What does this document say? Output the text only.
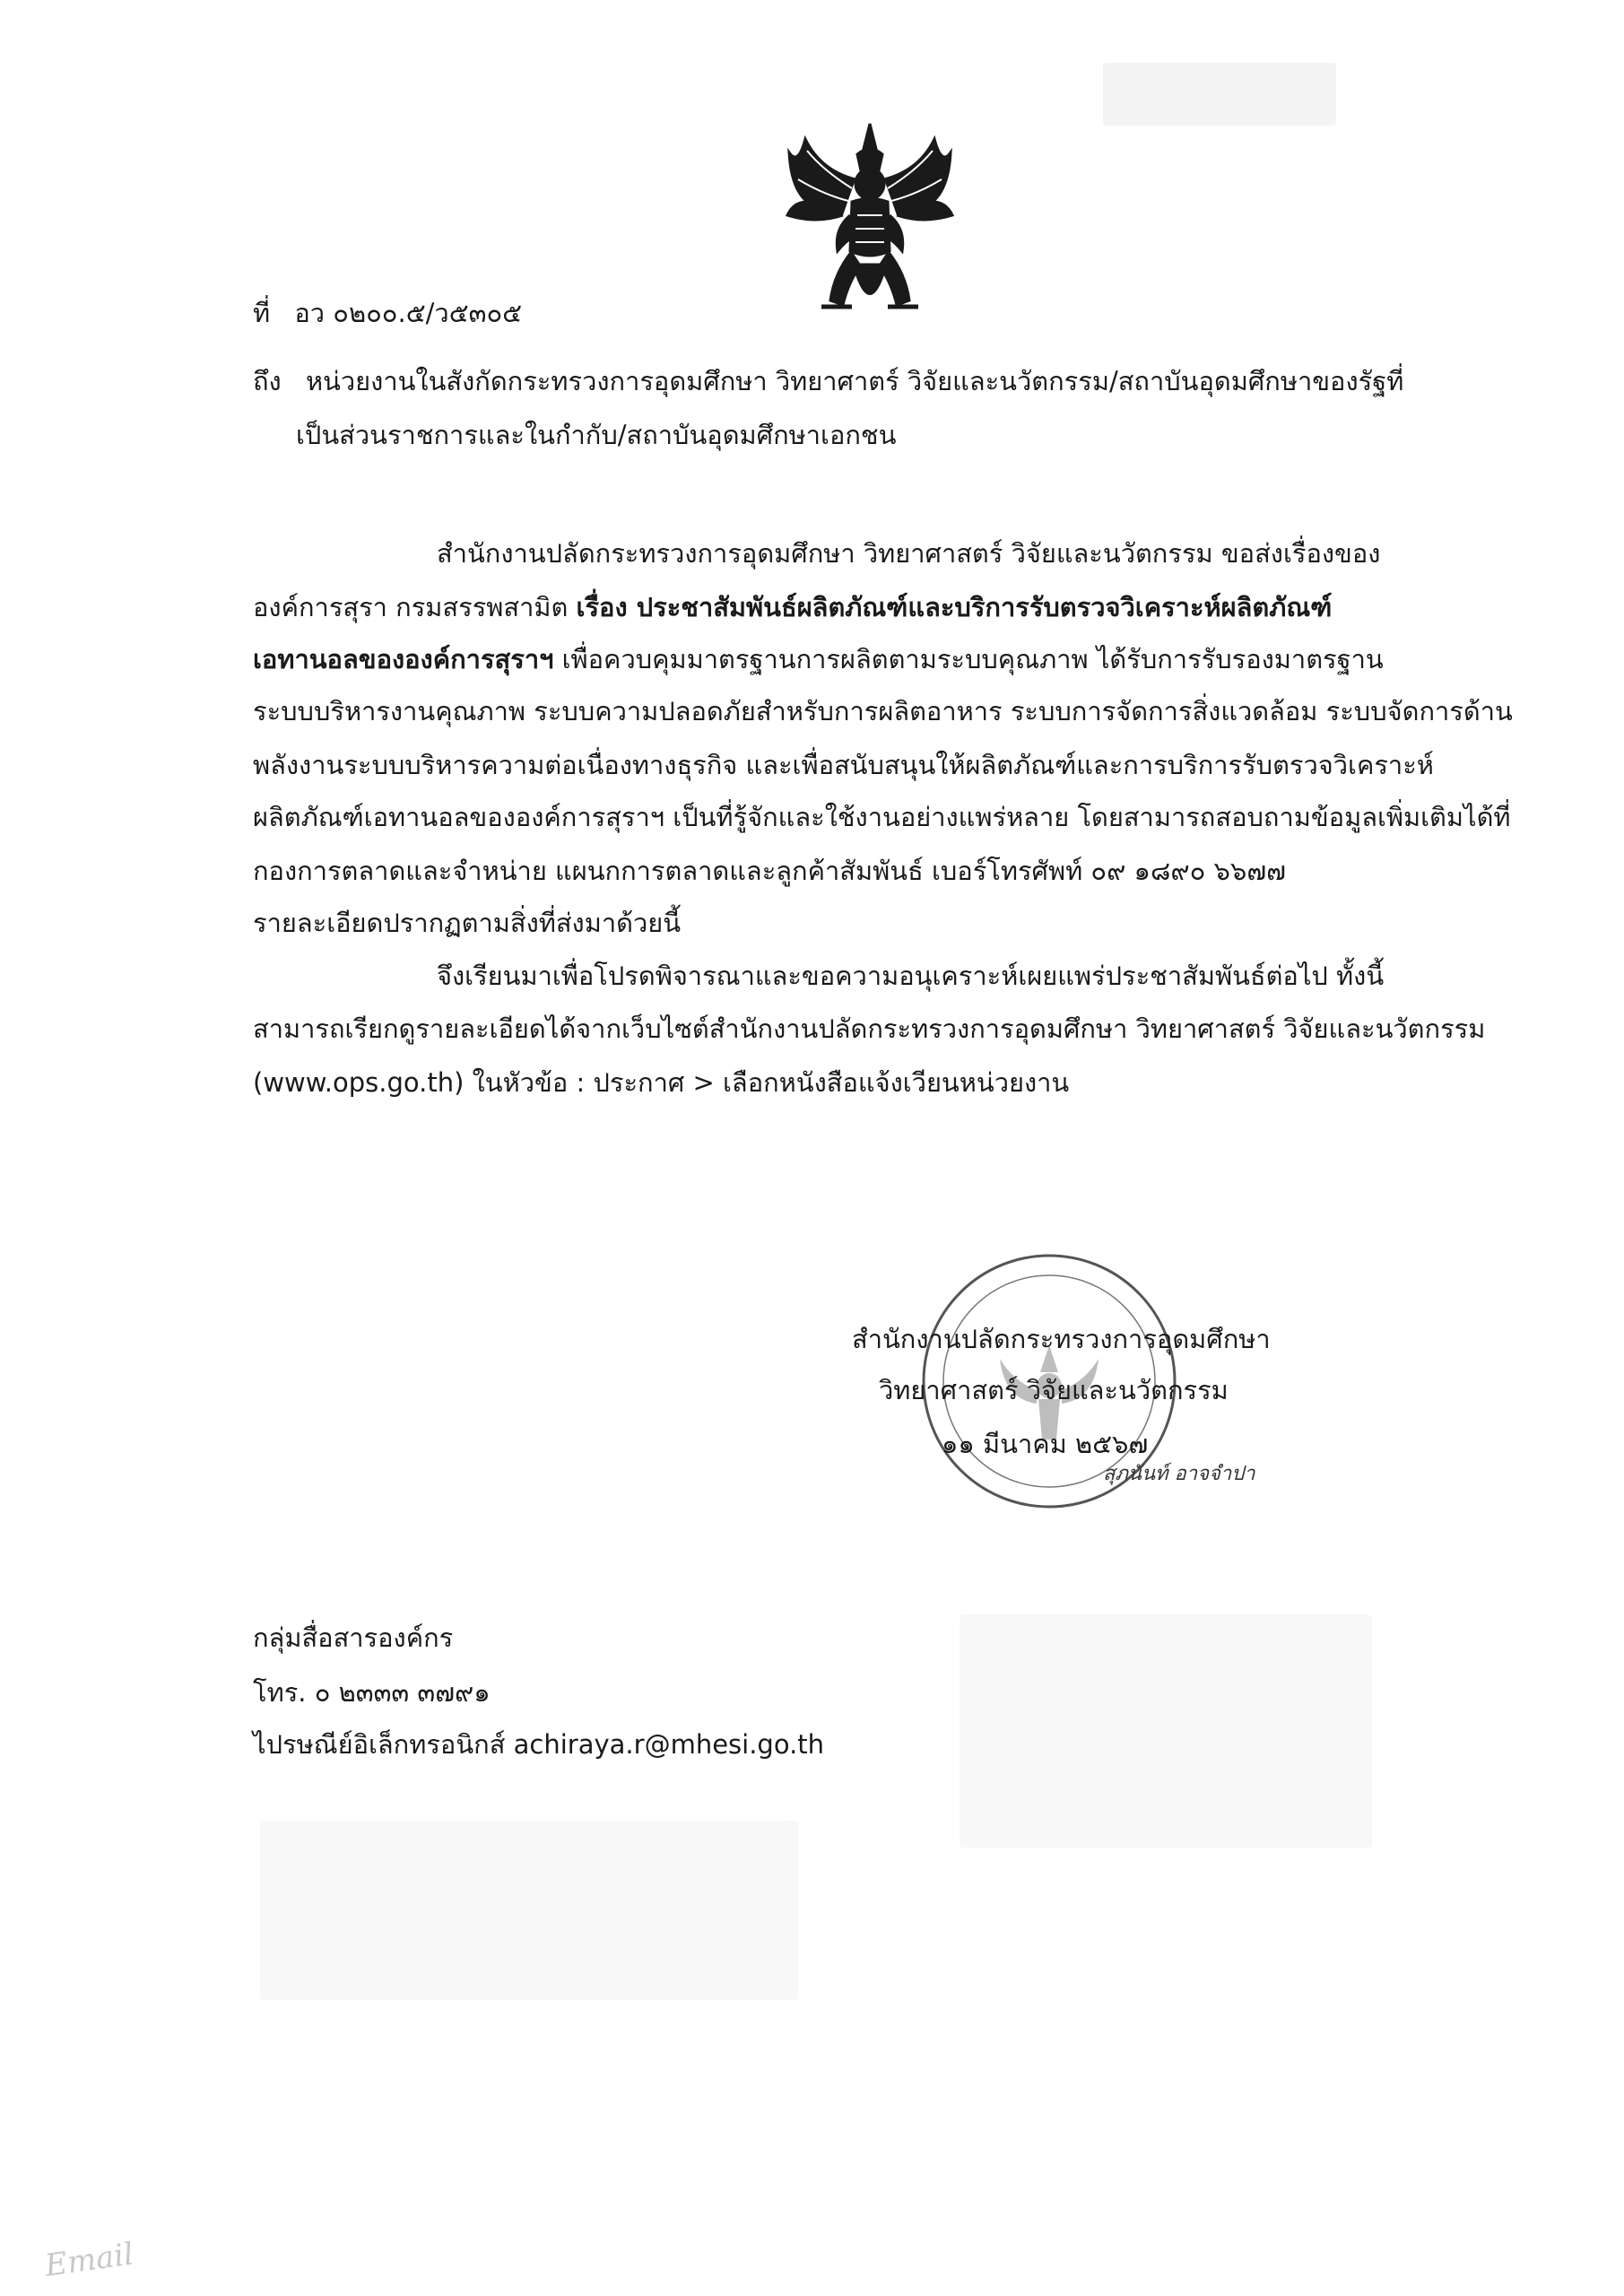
ที่ อว ๐๒๐๐.๕/ว๕๓๐๕
ถึง หน่วยงานในสังกัดกระทรวงการอุดมศึกษา วิทยาศาตร์ วิจัยและนวัตกรรม/สถาบันอุดมศึกษาของรัฐที่
เป็นส่วนราชการและในกำกับ/สถาบันอุดมศึกษาเอกชน
สำนักงานปลัดกระทรวงการอุดมศึกษา วิทยาศาสตร์ วิจัยและนวัตกรรม ขอส่งเรื่องของ
องค์การสุรา กรมสรรพสามิต เรื่อง ประชาสัมพันธ์ผลิตภัณฑ์และบริการรับตรวจวิเคราะห์ผลิตภัณฑ์
เอทานอลขององค์การสุราฯ เพื่อควบคุมมาตรฐานการผลิตตามระบบคุณภาพ ได้รับการรับรองมาตรฐาน
ระบบบริหารงานคุณภาพ ระบบความปลอดภัยสำหรับการผลิตอาหาร ระบบการจัดการสิ่งแวดล้อม ระบบจัดการด้าน
พลังงานระบบบริหารความต่อเนื่องทางธุรกิจ และเพื่อสนับสนุนให้ผลิตภัณฑ์และการบริการรับตรวจวิเคราะห์
ผลิตภัณฑ์เอทานอลขององค์การสุราฯ เป็นที่รู้จักและใช้งานอย่างแพร่หลาย โดยสามารถสอบถามข้อมูลเพิ่มเติมได้ที่
กองการตลาดและจำหน่าย แผนกการตลาดและลูกค้าสัมพันธ์ เบอร์โทรศัพท์ ๐๙ ๑๘๙๐ ๖๖๗๗
รายละเอียดปรากฏตามสิ่งที่ส่งมาด้วยนี้
จึงเรียนมาเพื่อโปรดพิจารณาและขอความอนุเคราะห์เผยแพร่ประชาสัมพันธ์ต่อไป ทั้งนี้
สามารถเรียกดูรายละเอียดได้จากเว็บไซต์สำนักงานปลัดกระทรวงการอุดมศึกษา วิทยาศาสตร์ วิจัยและนวัตกรรม
(www.ops.go.th) ในหัวข้อ : ประกาศ > เลือกหนังสือแจ้งเวียนหน่วยงาน
สำนักงานปลัดกระทรวงการอุดมศึกษา
วิทยาศาสตร์ วิจัยและนวัตกรรม
๑๑ มีนาคม ๒๕๖๗
สุภนันท์ อาจจำปา
กลุ่มสื่อสารองค์กร
โทร. ๐ ๒๓๓๓ ๓๗๙๑
ไปรษณีย์อิเล็กทรอนิกส์ achiraya.r@mhesi.go.th
Email
